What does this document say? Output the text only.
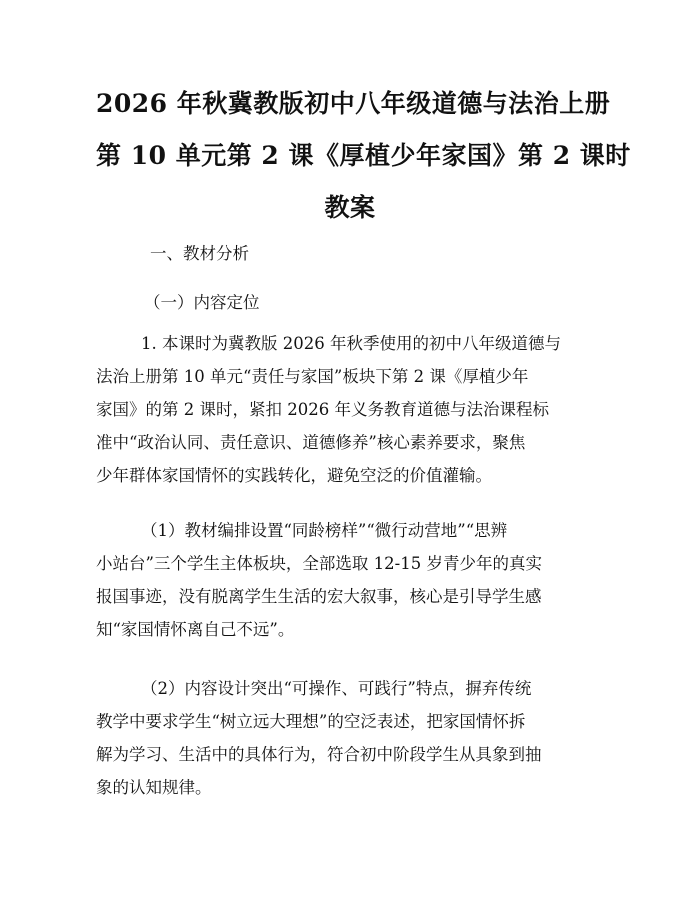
2026 年秋冀教版初中八年级道德与法治上册
第 10 单元第 2 课《厚植少年家国》第 2 课时
教案
一、教材分析
（一）内容定位
1. 本课时为冀教版 2026 年秋季使用的初中八年级道德与
法治上册第 10 单元“责任与家国”板块下第 2 课《厚植少年
家国》的第 2 课时，紧扣 2026 年义务教育道德与法治课程标
准中“政治认同、责任意识、道德修养”核心素养要求，聚焦
少年群体家国情怀的实践转化，避免空泛的价值灌输。
（1）教材编排设置“同龄榜样”“微行动营地”“思辨
小站台”三个学生主体板块，全部选取 12-15 岁青少年的真实
报国事迹，没有脱离学生生活的宏大叙事，核心是引导学生感
知“家国情怀离自己不远”。
（2）内容设计突出“可操作、可践行”特点，摒弃传统
教学中要求学生“树立远大理想”的空泛表述，把家国情怀拆
解为学习、生活中的具体行为，符合初中阶段学生从具象到抽
象的认知规律。
